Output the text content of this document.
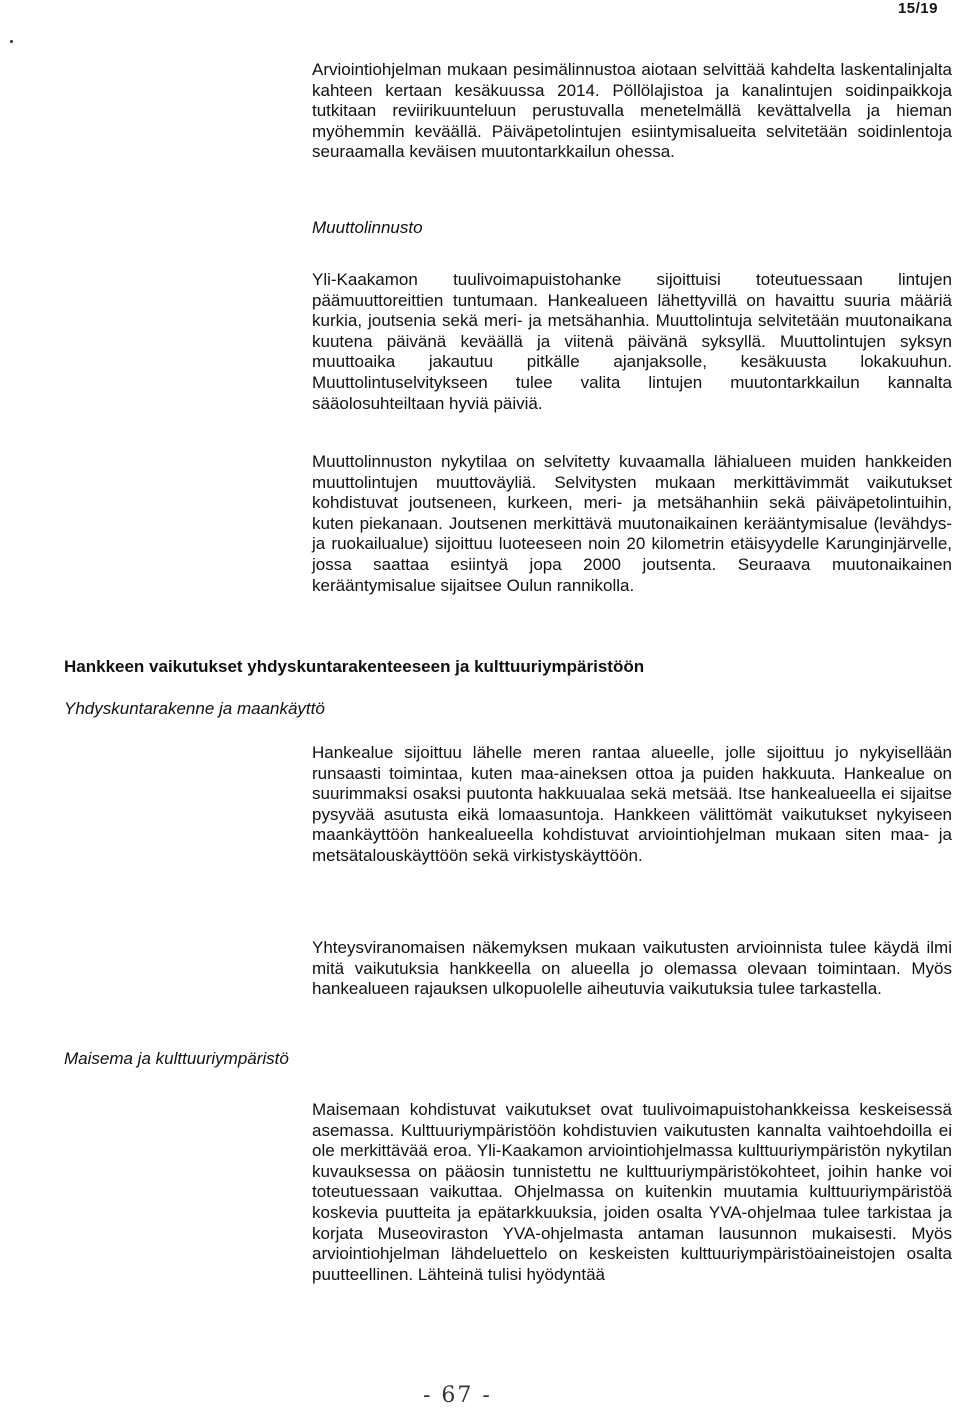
15/19

Arviointiohjelman mukaan pesimälinnustoa aiotaan selvittää kahdelta laskentalinjalta kahteen kertaan kesäkuussa 2014. Pöllölajistoa ja kanalintujen soidinpaikkoja tutkitaan reviirikuunteluun perustuvalla menetelmällä kevättalvella ja hieman myöhemmin keväällä. Päiväpetolintujen esiintymisalueita selvitetään soidinlentoja seuraamalla keväisen muutontarkkailun ohessa.

Muuttolinnusto

Yli-Kaakamon tuulivoimapuistohanke sijoittuisi toteutuessaan lintujen päämuuttoreittien tuntumaan. Hankealueen lähettyvillä on havaittu suuria määriä kurkia, joutsenia sekä meri- ja metsähanhia. Muuttolintuja selvitetään muutonaikana kuutena päivänä keväällä ja viitenä päivänä syksyllä. Muuttolintujen syksyn muuttoaika jakautuu pitkälle ajanjaksolle, kesäkuusta lokakuuhun. Muuttolintuselvitykseen tulee valita lintujen muutontarkkailun kannalta sääolosuhteiltaan hyviä päiviä.

Muuttolinnuston nykytilaa on selvitetty kuvaamalla lähialueen muiden hankkeiden muuttolintujen muuttoväyliä. Selvitysten mukaan merkittävimmät vaikutukset kohdistuvat joutseneen, kurkeen, meri- ja metsähanhiin sekä päiväpetolintuihin, kuten piekanaan. Joutsenen merkittävä muutonaikainen kerääntymisalue (levähdys- ja ruokailualue) sijoittuu luoteeseen noin 20 kilometrin etäisyydelle Karunginjärvelle, jossa saattaa esiintyä jopa 2000 joutsenta. Seuraava muutonaikainen kerääntymisalue sijaitsee Oulun rannikolla.

Hankkeen vaikutukset yhdyskuntarakenteeseen ja kulttuuriympäristöön

Yhdyskuntarakenne ja maankäyttö

Hankealue sijoittuu lähelle meren rantaa alueelle, jolle sijoittuu jo nykyisellään runsaasti toimintaa, kuten maa-aineksen ottoa ja puiden hakkuuta. Hankealue on suurimmaksi osaksi puutonta hakkuualaa sekä metsää. Itse hankealueella ei sijaitse pysyvää asutusta eikä lomaasuntoja. Hankkeen välittömät vaikutukset nykyiseen maankäyttöön hankealueella kohdistuvat arviointiohjelman mukaan siten maa- ja metsätalouskäyttöön sekä virkistyskäyttöön.

Yhteysviranomaisen näkemyksen mukaan vaikutusten arvioinnista tulee käydä ilmi mitä vaikutuksia hankkeella on alueella jo olemassa olevaan toimintaan. Myös hankealueen rajauksen ulkopuolelle aiheutuvia vaikutuksia tulee tarkastella.

Maisema ja kulttuuriympäristö

Maisemaan kohdistuvat vaikutukset ovat tuulivoimapuistohankkeissa keskeisessä asemassa. Kulttuuriympäristöön kohdistuvien vaikutusten kannalta vaihtoehdoilla ei ole merkittävää eroa. Yli-Kaakamon arviointiohjelmassa kulttuuriympäristön nykytilan kuvauksessa on pääosin tunnistettu ne kulttuuriympäristökohteet, joihin hanke voi toteutuessaan vaikuttaa. Ohjelmassa on kuitenkin muutamia kulttuuriympäristöä koskevia puutteita ja epätarkkuuksia, joiden osalta YVA-ohjelmaa tulee tarkistaa ja korjata Museoviraston YVA-ohjelmasta antaman lausunnon mukaisesti. Myös arviointiohjelman lähdeluettelo on keskeisten kulttuuriympäristöaineistojen osalta puutteellinen. Lähteinä tulisi hyödyntää

- 67 -
